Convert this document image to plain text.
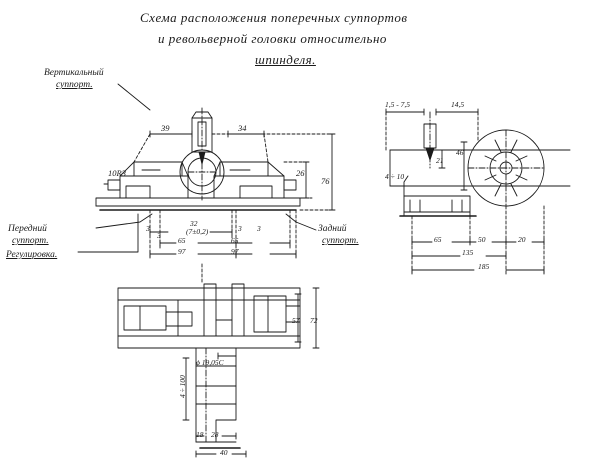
Схема расположения поперечных суппортов
и револьверной головки относительно
шпинделя.
Вертикальный
суппорт.
Передний
суппорт.
Регулировка.
Задний
суппорт.
39	34
10R3	26
76
3
3
32
(7±0,2)	3 3
65	65
97	97
1,5 - 7,5	14,5
21
46
4 ÷ 10
65	50	20
135
185
57 72
ϕ 19,05C
4 ÷ 100
18 28
40
